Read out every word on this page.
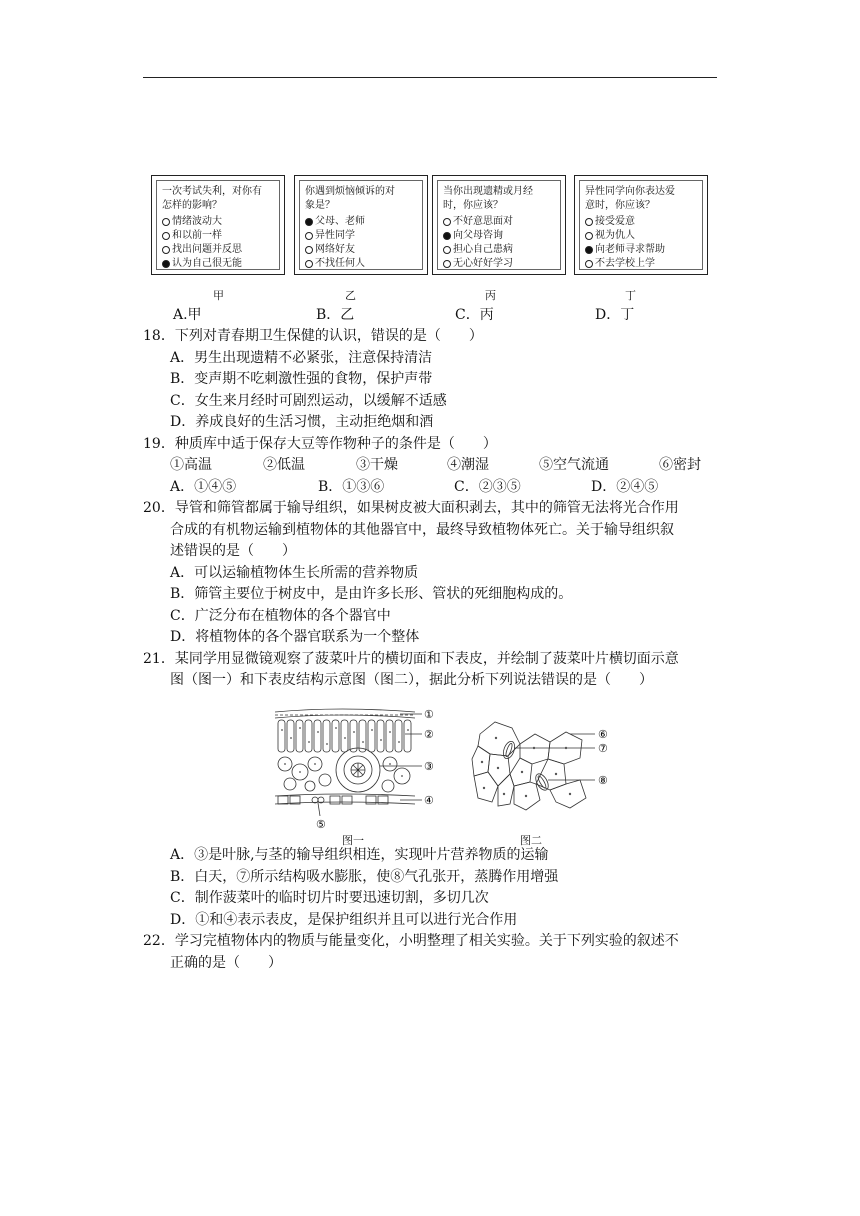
一次考试失利，对你有
怎样的影响？
情绪波动大
和以前一样
找出问题并反思
认为自己很无能
你遇到烦恼倾诉的对
象是？
父母、老师
异性同学
网络好友
不找任何人
当你出现遗精或月经
时，你应该？
不好意思面对
向父母咨询
担心自己患病
无心好好学习
异性同学向你表达爱
意时，你应该？
接受爱意
视为仇人
向老师寻求帮助
不去学校上学
甲	乙	丙	丁
A.甲	B．乙	C．丙	D．丁
18．下列对青春期卫生保健的认识，错误的是（　　）
A．男生出现遗精不必紧张，注意保持清洁
B．变声期不吃刺激性强的食物，保护声带
C．女生来月经时可剧烈运动，以缓解不适感
D．养成良好的生活习惯，主动拒绝烟和酒
19．种质库中适于保存大豆等作物种子的条件是（　　）
①高温	②低温	③干燥	④潮湿	⑤空气流通	⑥密封
A．①④⑤	B．①③⑥	C．②③⑤	D．②④⑤
20．导管和筛管都属于输导组织，如果树皮被大面积剥去，其中的筛管无法将光合作用
合成的有机物运输到植物体的其他器官中，最终导致植物体死亡。关于输导组织叙
述错误的是（　　）
A．可以运输植物体生长所需的营养物质
B．筛管主要位于树皮中，是由许多长形、管状的死细胞构成的。
C．广泛分布在植物体的各个器官中
D．将植物体的各个器官联系为一个整体
21．某同学用显微镜观察了菠菜叶片的横切面和下表皮，并绘制了菠菜叶片横切面示意
图（图一）和下表皮结构示意图（图二），据此分析下列说法错误的是（　　）
①
②
③
④
⑤
⑥
⑦
⑧
图一	图二
A．③是叶脉,与茎的输导组织相连，实现叶片营养物质的运输
B．白天，⑦所示结构吸水膨胀，使⑧气孔张开，蒸腾作用增强
C．制作菠菜叶的临时切片时要迅速切割，多切几次
D．①和④表示表皮，是保护组织并且可以进行光合作用
22．学习完植物体内的物质与能量变化，小明整理了相关实验。关于下列实验的叙述不
正确的是（　　）
